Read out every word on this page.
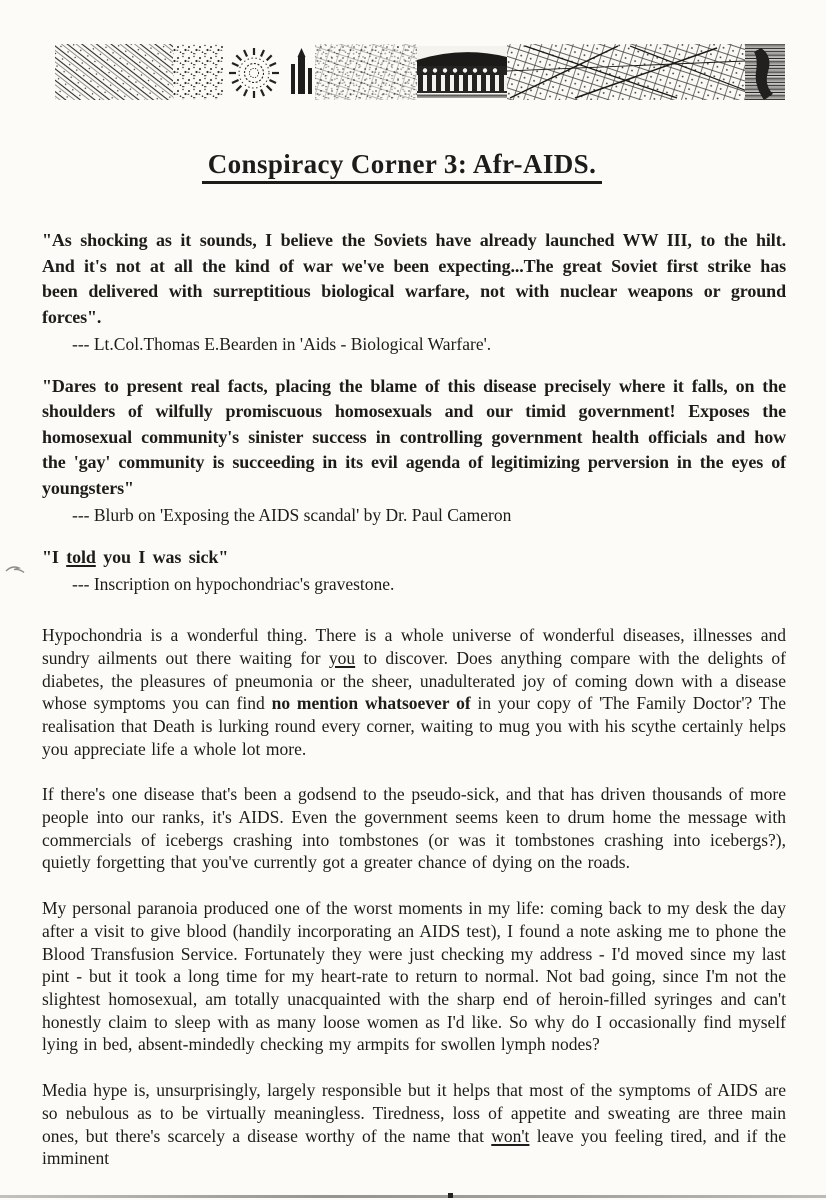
Conspiracy Corner 3: Afr-AIDS.

"As shocking as it sounds, I believe the Soviets have already launched WW III, to the hilt. And it's not at all the kind of war we've been expecting...The great Soviet first strike has been delivered with surreptitious biological warfare, not with nuclear weapons or ground forces".

--- Lt.Col.Thomas E.Bearden in 'Aids - Biological Warfare'.

"Dares to present real facts, placing the blame of this disease precisely where it falls, on the shoulders of wilfully promiscuous homosexuals and our timid government! Exposes the homosexual community's sinister success in controlling government health officials and how the 'gay' community is succeeding in its evil agenda of legitimizing perversion in the eyes of youngsters"

--- Blurb on 'Exposing the AIDS scandal' by Dr. Paul Cameron

"I told you I was sick"

--- Inscription on hypochondriac's gravestone.

Hypochondria is a wonderful thing. There is a whole universe of wonderful diseases, illnesses and sundry ailments out there waiting for you to discover. Does anything compare with the delights of diabetes, the pleasures of pneumonia or the sheer, unadulterated joy of coming down with a disease whose symptoms you can find no mention whatsoever of in your copy of 'The Family Doctor'? The realisation that Death is lurking round every corner, waiting to mug you with his scythe certainly helps you appreciate life a whole lot more.

If there's one disease that's been a godsend to the pseudo-sick, and that has driven thousands of more people into our ranks, it's AIDS. Even the government seems keen to drum home the message with commercials of icebergs crashing into tombstones (or was it tombstones crashing into icebergs?), quietly forgetting that you've currently got a greater chance of dying on the roads.

My personal paranoia produced one of the worst moments in my life: coming back to my desk the day after a visit to give blood (handily incorporating an AIDS test), I found a note asking me to phone the Blood Transfusion Service. Fortunately they were just checking my address - I'd moved since my last pint - but it took a long time for my heart-rate to return to normal. Not bad going, since I'm not the slightest homosexual, am totally unacquainted with the sharp end of heroin-filled syringes and can't honestly claim to sleep with as many loose women as I'd like. So why do I occasionally find myself lying in bed, absent-mindedly checking my armpits for swollen lymph nodes?

Media hype is, unsurprisingly, largely responsible but it helps that most of the symptoms of AIDS are so nebulous as to be virtually meaningless. Tiredness, loss of appetite and sweating are three main ones, but there's scarcely a disease worthy of the name that won't leave you feeling tired, and if the imminent
